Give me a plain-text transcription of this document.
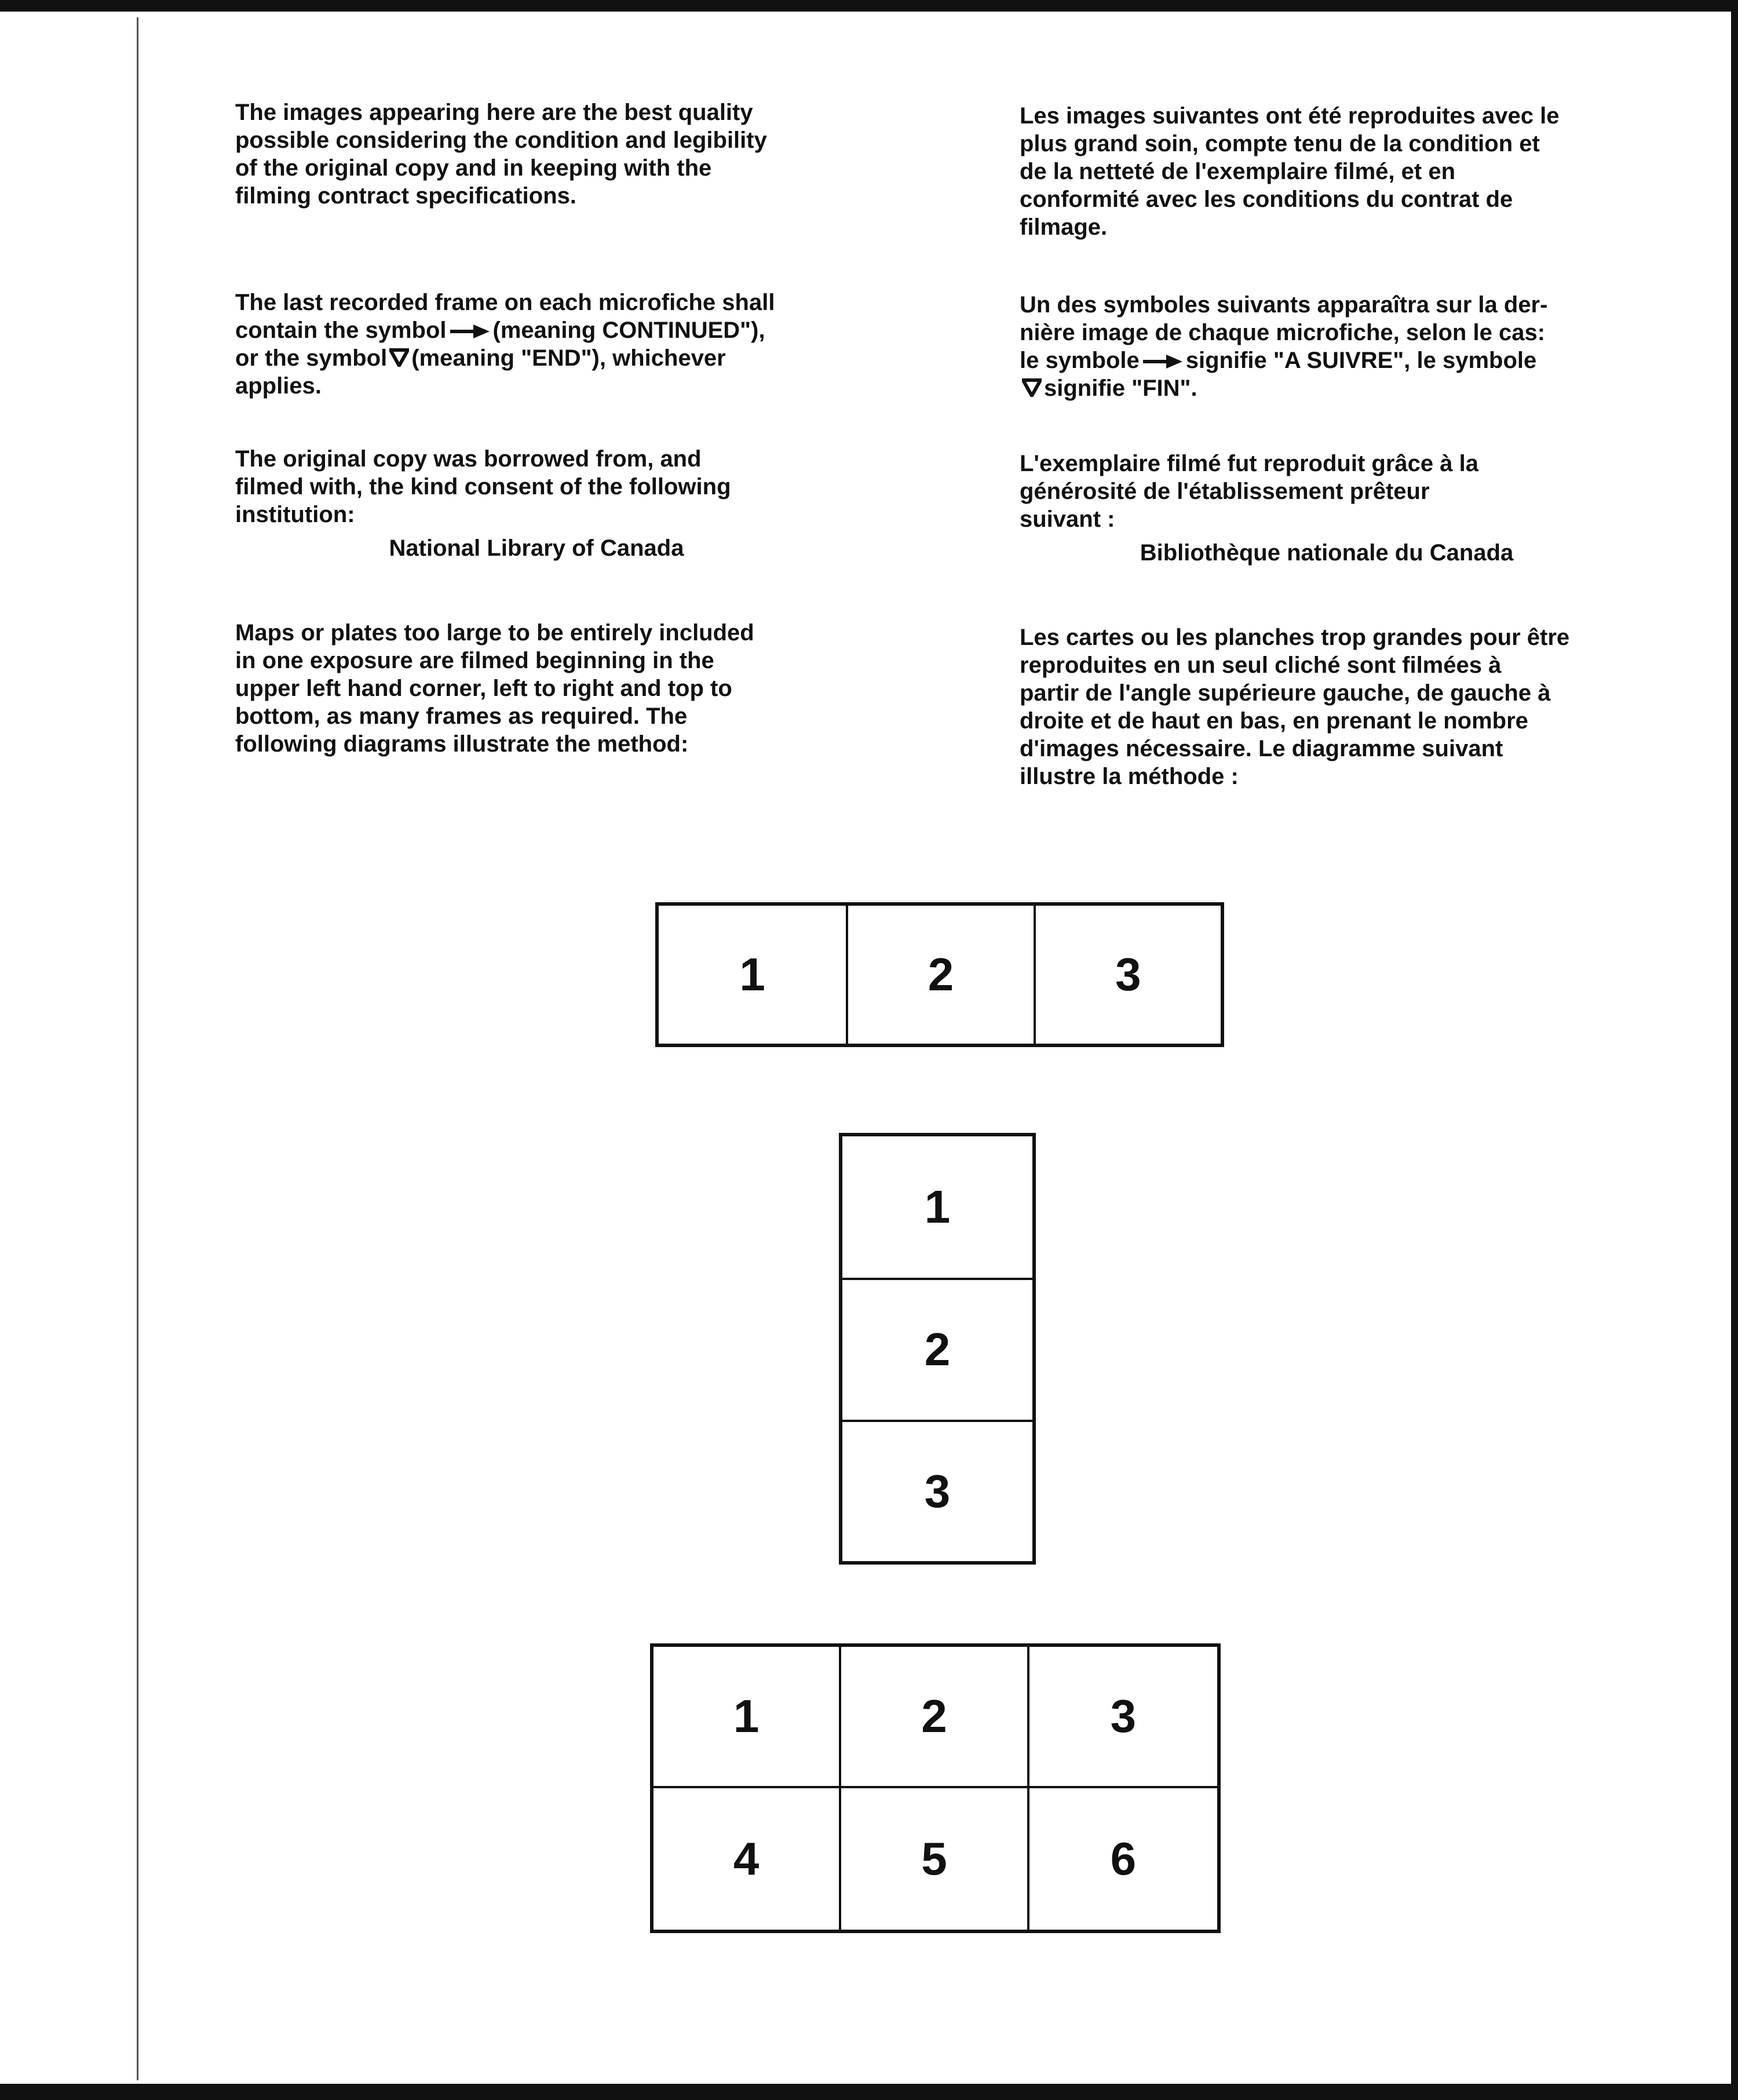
The images appearing here are the best quality
possible considering the condition and legibility
of the original copy and in keeping with the
filming contract specifications.

The last recorded frame on each microfiche shall
contain the symbol (meaning CONTINUED"),
or the symbol (meaning "END"), whichever
applies.

The original copy was borrowed from, and
filmed with, the kind consent of the following
institution:

National Library of Canada

Maps or plates too large to be entirely included
in one exposure are filmed beginning in the
upper left hand corner, left to right and top to
bottom, as many frames as required. The
following diagrams illustrate the method:

Les images suivantes ont été reproduites avec le
plus grand soin, compte tenu de la condition et
de la netteté de l'exemplaire filmé, et en
conformité avec les conditions du contrat de
filmage.

Un des symboles suivants apparaîtra sur la der-
nière image de chaque microfiche, selon le cas:
le symbole signifie "A SUIVRE", le symbole
signifie "FIN".

L'exemplaire filmé fut reproduit grâce à la
générosité de l'établissement prêteur
suivant :

Bibliothèque nationale du Canada

Les cartes ou les planches trop grandes pour être
reproduites en un seul cliché sont filmées à
partir de l'angle supérieure gauche, de gauche à
droite et de haut en bas, en prenant le nombre
d'images nécessaire. Le diagramme suivant
illustre la méthode :

1	2	3
1
2
3
1	2	3
4	5	6
